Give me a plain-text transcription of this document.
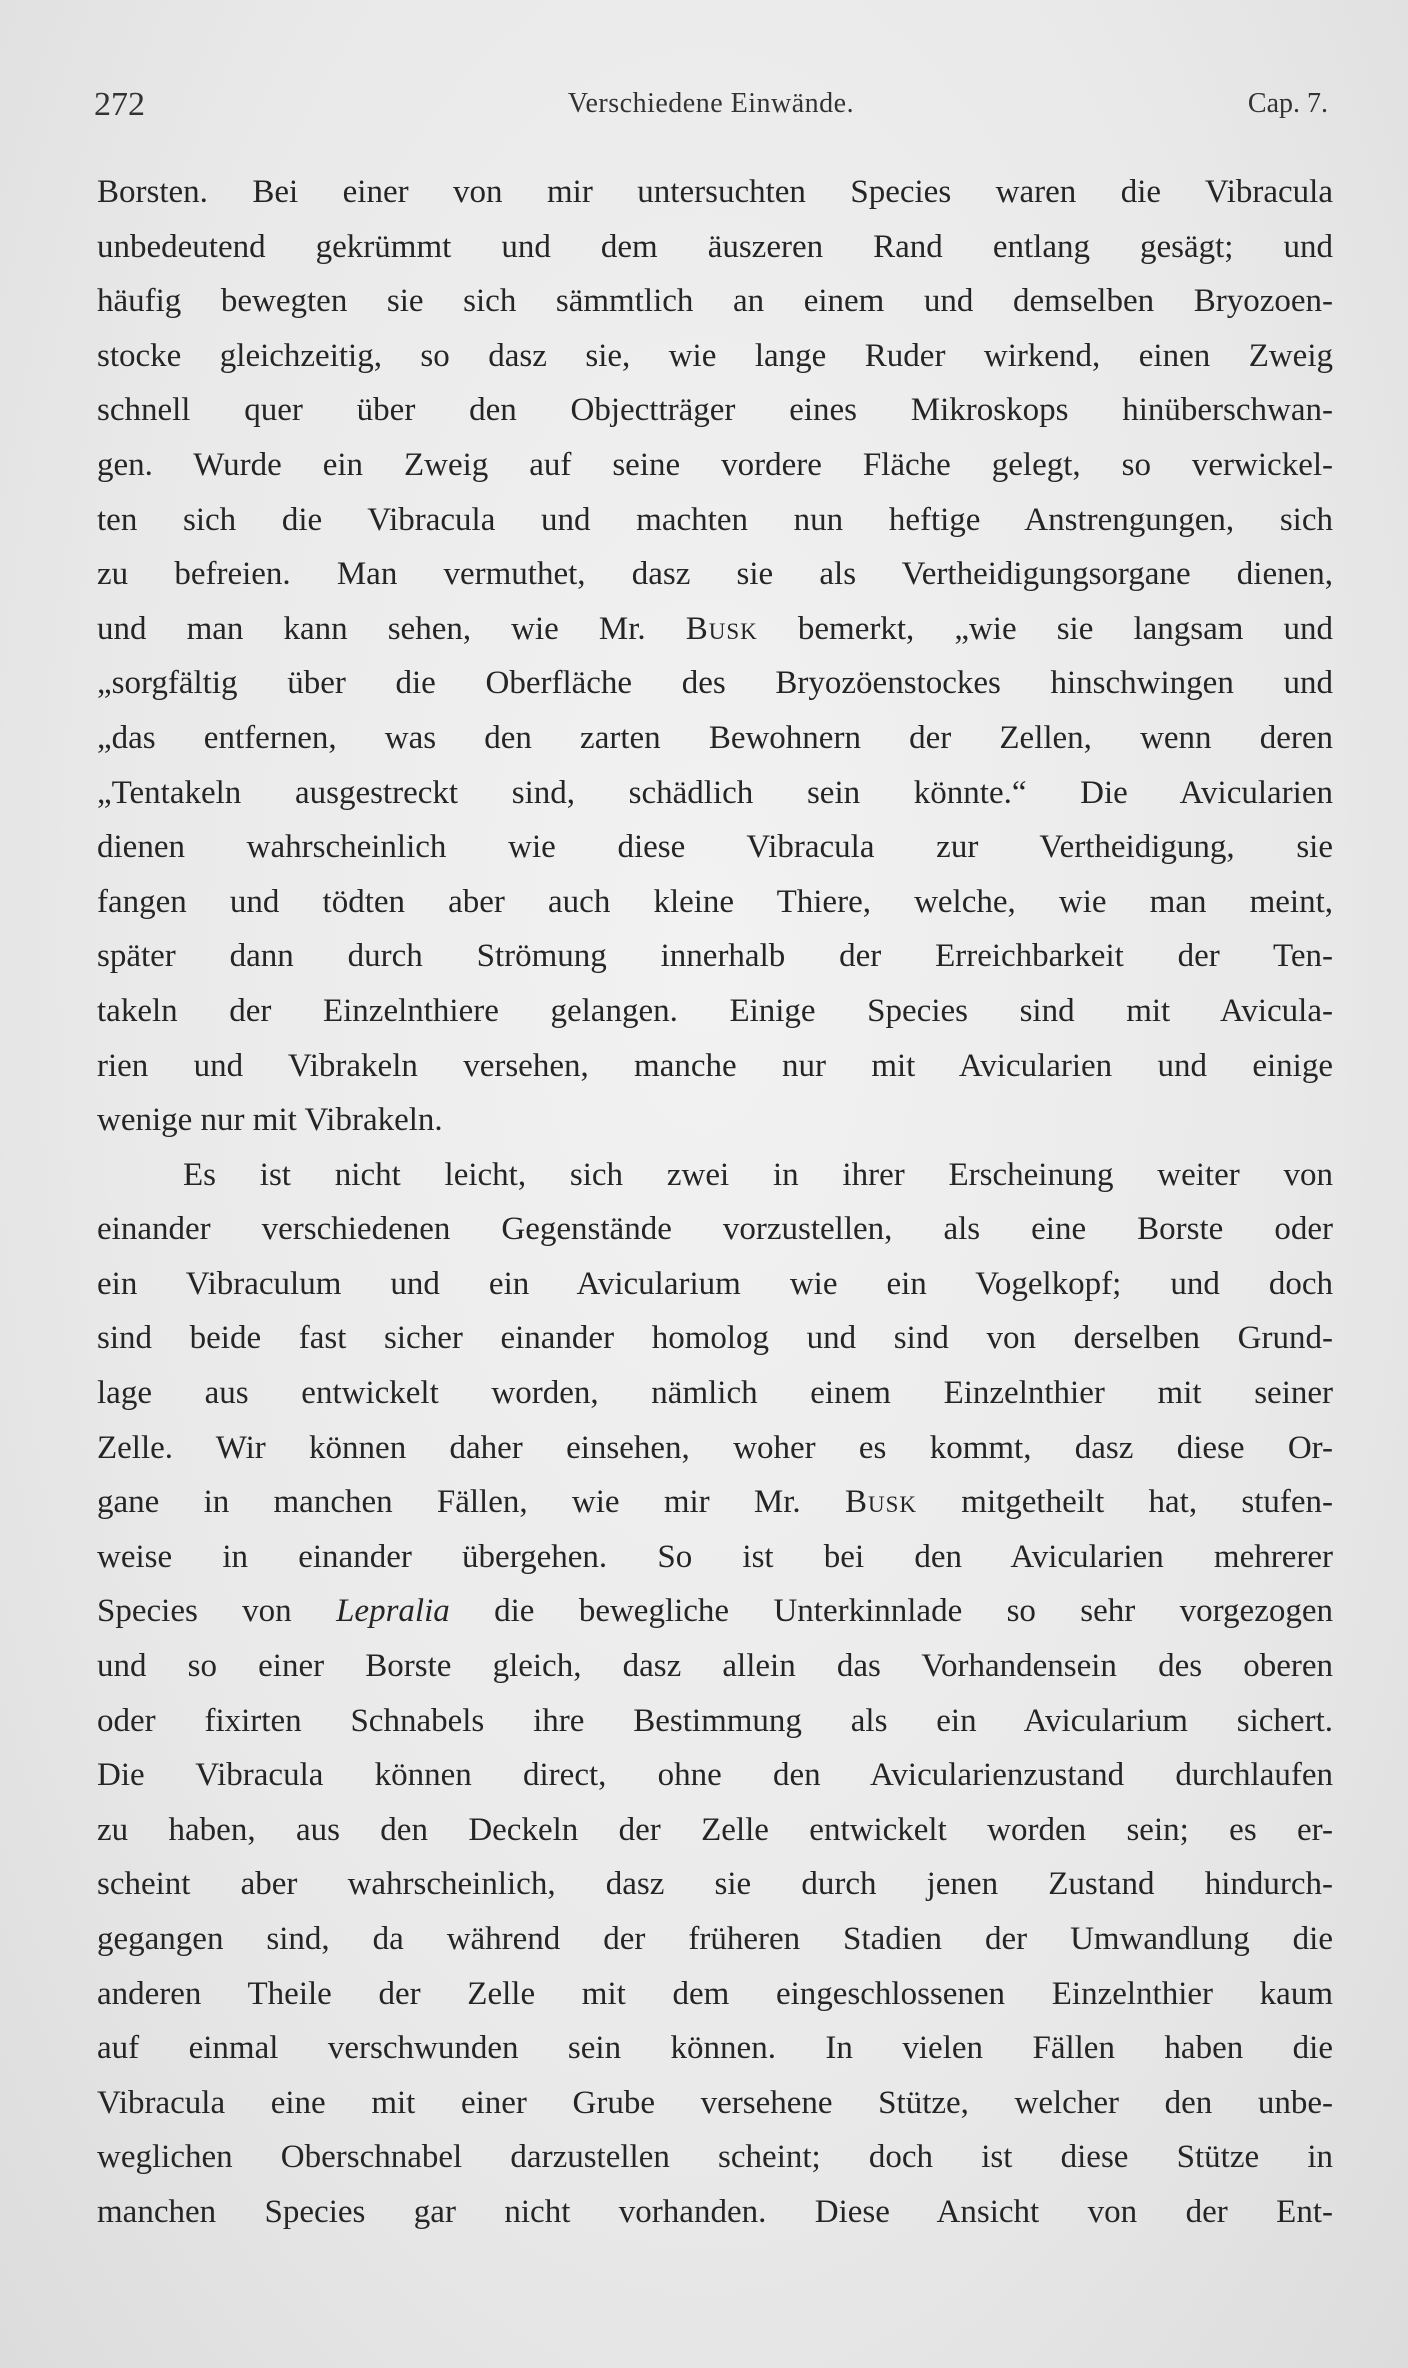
272	Verschiedene Einwände.	Cap. 7.
Borsten. Bei einer von mir untersuchten Species waren die Vibracula
unbedeutend gekrümmt und dem äuszeren Rand entlang gesägt; und
häufig bewegten sie sich sämmtlich an einem und demselben Bryozoen-
stocke gleichzeitig, so dasz sie, wie lange Ruder wirkend, einen Zweig
schnell quer über den Objectträger eines Mikroskops hinüberschwan-
gen. Wurde ein Zweig auf seine vordere Fläche gelegt, so verwickel-
ten sich die Vibracula und machten nun heftige Anstrengungen, sich
zu befreien. Man vermuthet, dasz sie als Vertheidigungsorgane dienen,
und man kann sehen, wie Mr. Busk bemerkt, „wie sie langsam und
„sorgfältig über die Oberfläche des Bryozöenstockes hinschwingen und
„das entfernen, was den zarten Bewohnern der Zellen, wenn deren
„Tentakeln ausgestreckt sind, schädlich sein könnte.“ Die Avicularien
dienen wahrscheinlich wie diese Vibracula zur Vertheidigung, sie
fangen und tödten aber auch kleine Thiere, welche, wie man meint,
später dann durch Strömung innerhalb der Erreichbarkeit der Ten-
takeln der Einzelnthiere gelangen. Einige Species sind mit Avicula-
rien und Vibrakeln versehen, manche nur mit Avicularien und einige
wenige nur mit Vibrakeln.
Es ist nicht leicht, sich zwei in ihrer Erscheinung weiter von
einander verschiedenen Gegenstände vorzustellen, als eine Borste oder
ein Vibraculum und ein Avicularium wie ein Vogelkopf; und doch
sind beide fast sicher einander homolog und sind von derselben Grund-
lage aus entwickelt worden, nämlich einem Einzelnthier mit seiner
Zelle. Wir können daher einsehen, woher es kommt, dasz diese Or-
gane in manchen Fällen, wie mir Mr. Busk mitgetheilt hat, stufen-
weise in einander übergehen. So ist bei den Avicularien mehrerer
Species von Lepralia die bewegliche Unterkinnlade so sehr vorgezogen
und so einer Borste gleich, dasz allein das Vorhandensein des oberen
oder fixirten Schnabels ihre Bestimmung als ein Avicularium sichert.
Die Vibracula können direct, ohne den Avicularienzustand durchlaufen
zu haben, aus den Deckeln der Zelle entwickelt worden sein; es er-
scheint aber wahrscheinlich, dasz sie durch jenen Zustand hindurch-
gegangen sind, da während der früheren Stadien der Umwandlung die
anderen Theile der Zelle mit dem eingeschlossenen Einzelnthier kaum
auf einmal verschwunden sein können. In vielen Fällen haben die
Vibracula eine mit einer Grube versehene Stütze, welcher den unbe-
weglichen Oberschnabel darzustellen scheint; doch ist diese Stütze in
manchen Species gar nicht vorhanden. Diese Ansicht von der Ent-
